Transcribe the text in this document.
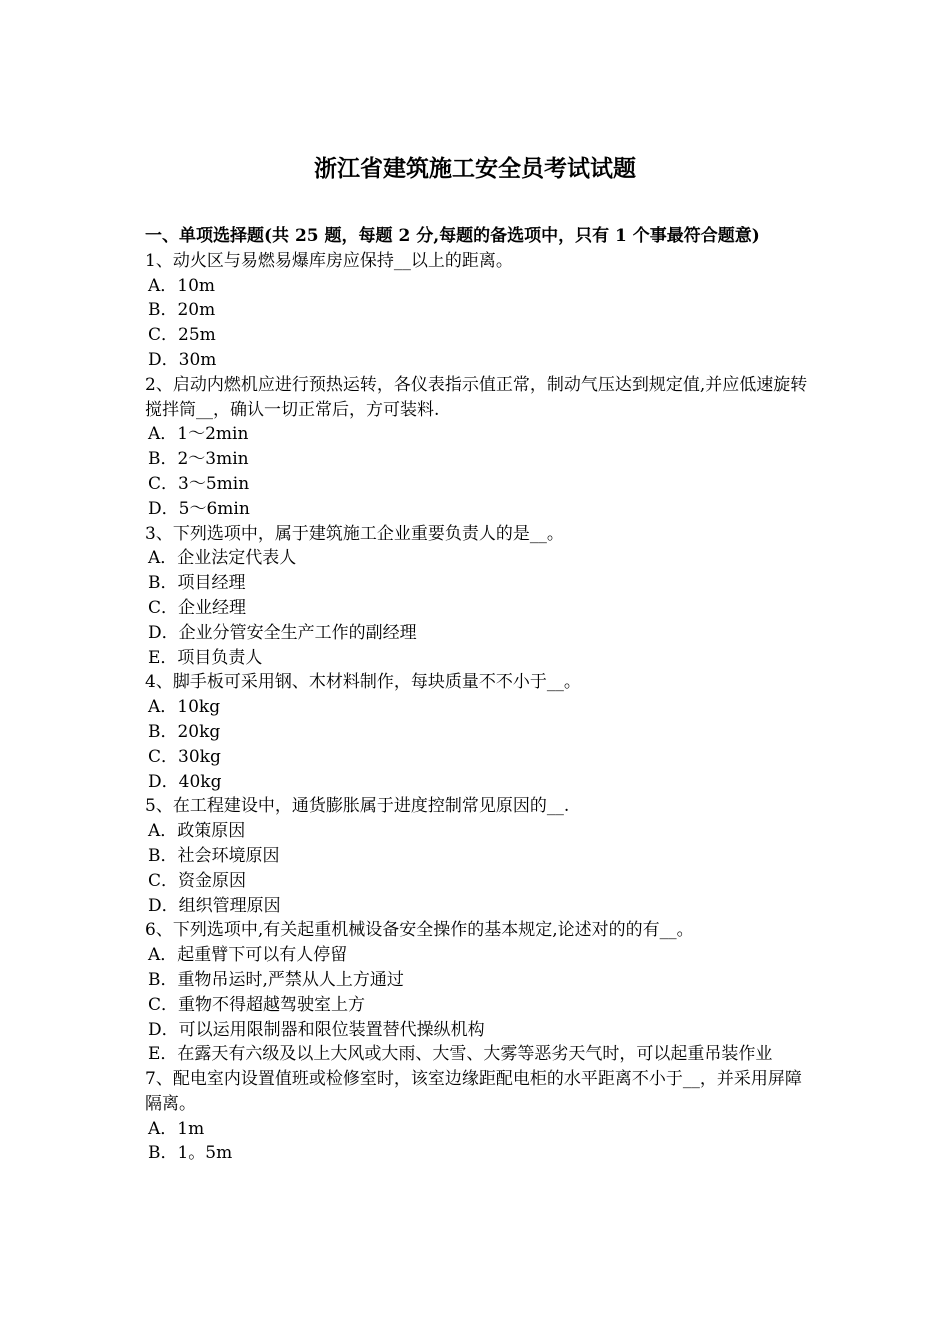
浙江省建筑施工安全员考试试题

一、单项选择题(共 25 题，每题 2 分,每题的备选项中，只有 1 个事最符合题意)

1、动火区与易燃易爆库房应保持__以上的距离。

A．10m

B．20m

C．25m

D．30m

2、启动内燃机应进行预热运转，各仪表指示值正常，制动气压达到规定值,并应低速旋转搅拌筒__，确认一切正常后，方可装料.

A．1～2min

B．2～3min

C．3～5min

D．5～6min

3、下列选项中，属于建筑施工企业重要负责人的是__。

A．企业法定代表人

B．项目经理

C．企业经理

D．企业分管安全生产工作的副经理

E．项目负责人

4、脚手板可采用钢、木材料制作，每块质量不不小于__。

A．10kg

B．20kg

C．30kg

D．40kg

5、在工程建设中，通货膨胀属于进度控制常见原因的__.

A．政策原因

B．社会环境原因

C．资金原因

D．组织管理原因

6、下列选项中,有关起重机械设备安全操作的基本规定,论述对的的有__。

A．起重臂下可以有人停留

B．重物吊运时,严禁从人上方通过

C．重物不得超越驾驶室上方

D．可以运用限制器和限位装置替代操纵机构

E．在露天有六级及以上大风或大雨、大雪、大雾等恶劣天气时，可以起重吊装作业

7、配电室内设置值班或检修室时，该室边缘距配电柜的水平距离不小于__，并采用屏障隔离。

A．1m

B．1。5m
